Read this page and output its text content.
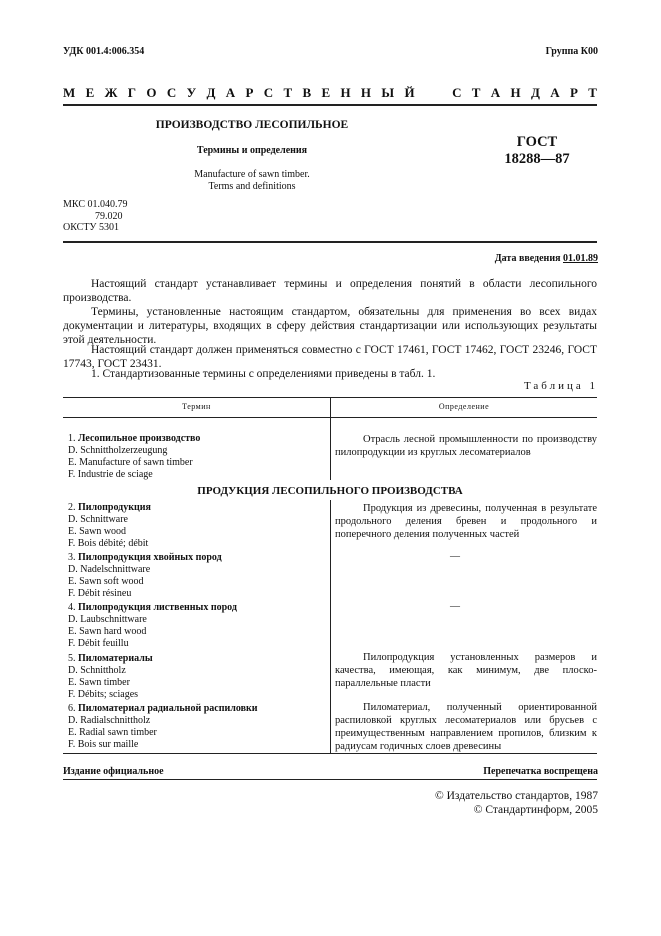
УДК 001.4:006.354	Группа К00
М Е Ж Г О С У Д А Р С Т В Е Н Н Ы Й

	С Т А Н Д А Р Т
ПРОИЗВОДСТВО ЛЕСОПИЛЬНОЕ
Термины и определения
Manufacture of sawn timber.
Terms and definitions
ГОСТ
18288—87
МКС 01.040.79
79.020
ОКСТУ 5301
Дата введения 01.01.89
Настоящий стандарт устанавливает термины и определения понятий в области лесопильного производства.
Термины, установленные настоящим стандартом, обязательны для применения во всех видах документации и литературы, входящих в сферу действия стандартизации или использующих результаты этой деятельности.
Настоящий стандарт должен применяться совместно с ГОСТ 17461, ГОСТ 17462, ГОСТ 23246, ГОСТ 17743, ГОСТ 23431.
1. Стандартизованные термины с определениями приведены в табл. 1.
Таблица 1
Термин	Определение
1. Лесопильное производство
D. Schnittholzerzeugung
E. Manufacture of sawn timber
F. Industrie de sciage
Отрасль лесной промышленности по производству пилопродукции из круглых лесоматериалов
ПРОДУКЦИЯ ЛЕСОПИЛЬНОГО ПРОИЗВОДСТВА
2. Пилопродукция
D. Schnittware
E. Sawn wood
F. Bois débité; débit
Продукция из древесины, полученная в результате продольного деления бревен и продольного и поперечного деления полученных частей
3. Пилопродукция хвойных пород
D. Nadelschnittware
E. Sawn soft wood
F. Débit résineu
—
4. Пилопродукция лиственных пород
D. Laubschnittware
E. Sawn hard wood
F. Débit feuillu
—
5. Пиломатериалы
D. Schnittholz
E. Sawn timber
F. Débits; sciages
Пилопродукция установленных размеров и качества, имеющая, как минимум, две плоско-параллельные пласти
6. Пиломатериал радиальной распиловки
D. Radialschnittholz
E. Radial sawn timber
F. Bois sur maille
Пиломатериал, полученный ориентированной распиловкой круглых лесоматериалов или брусьев с преимущественным направлением пропилов, близким к радиусам годичных слоев древесины
Издание официальное	Перепечатка воспрещена
© Издательство стандартов, 1987
© Стандартинформ, 2005
